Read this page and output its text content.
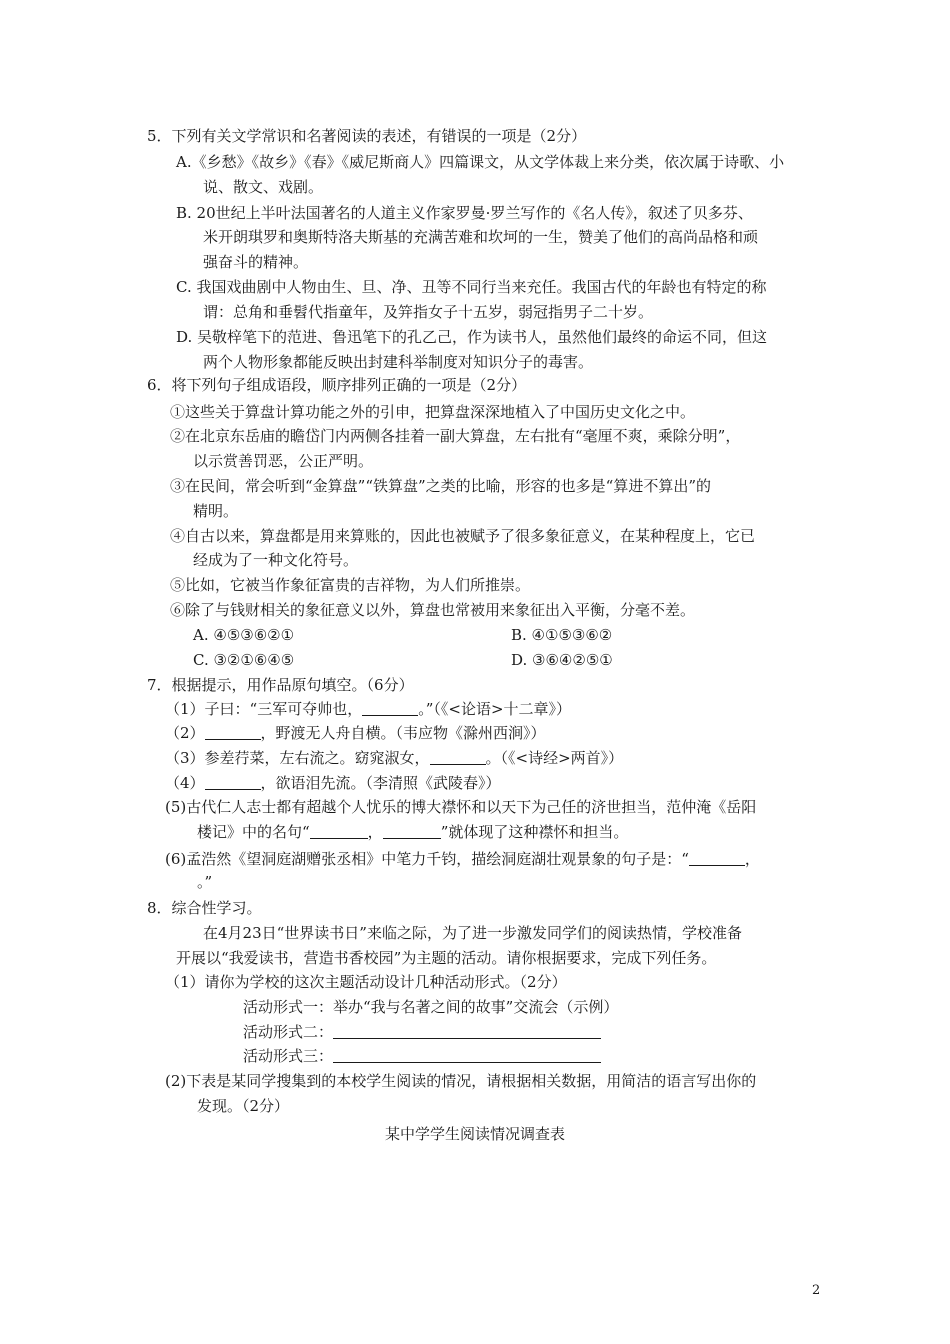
5．下列有关文学常识和名著阅读的表述，有错误的一项是（2分）
A.《乡愁》《故乡》《春》《威尼斯商人》四篇课文，从文学体裁上来分类，依次属于诗歌、小
说、散文、戏剧。
B. 20世纪上半叶法国著名的人道主义作家罗曼·罗兰写作的《名人传》，叙述了贝多芬、
米开朗琪罗和奥斯特洛夫斯基的充满苦难和坎坷的一生，赞美了他们的高尚品格和顽
强奋斗的精神。
C. 我国戏曲剧中人物由生、旦、净、丑等不同行当来充任。我国古代的年龄也有特定的称
谓：总角和垂髫代指童年，及笄指女子十五岁，弱冠指男子二十岁。
D. 吴敬梓笔下的范进、鲁迅笔下的孔乙己，作为读书人，虽然他们最终的命运不同，但这
两个人物形象都能反映出封建科举制度对知识分子的毒害。
6．将下列句子组成语段，顺序排列正确的一项是（2分）
①这些关于算盘计算功能之外的引申，把算盘深深地植入了中国历史文化之中。
②在北京东岳庙的瞻岱门内两侧各挂着一副大算盘，左右批有“毫厘不爽，乘除分明”，
以示赏善罚恶，公正严明。
③在民间，常会听到“金算盘”“铁算盘”之类的比喻，形容的也多是“算进不算出”的
精明。
④自古以来，算盘都是用来算账的，因此也被赋予了很多象征意义，在某种程度上，它已
经成为了一种文化符号。
⑤比如，它被当作象征富贵的吉祥物，为人们所推崇。
⑥除了与钱财相关的象征意义以外，算盘也常被用来象征出入平衡，分毫不差。
A. ④⑤③⑥②①	B. ④①⑤③⑥②
C. ③②①⑥④⑤	D. ③⑥④②⑤①
7．根据提示，用作品原句填空。（6分）
（1）子曰：“三军可夺帅也，	。”（《<论语>十二章》）
（2）	，野渡无人舟自横。（韦应物《滁州西涧》）
（3）参差荇菜，左右流之。窈窕淑女，	。（《<诗经>两首》）
（4）	，欲语泪先流。（李清照《武陵春》）
(5)古代仁人志士都有超越个人忧乐的博大襟怀和以天下为己任的济世担当，范仲淹《岳阳
楼记》中的名句“	，	”就体现了这种襟怀和担当。
(6)孟浩然《望洞庭湖赠张丞相》中笔力千钧，描绘洞庭湖壮观景象的句子是：“	，
。”
8．综合性学习。
在4月23日“世界读书日”来临之际，为了进一步激发同学们的阅读热情，学校准备
开展以“我爱读书，营造书香校园”为主题的活动。请你根据要求，完成下列任务。
（1）请你为学校的这次主题活动设计几种活动形式。（2分）
活动形式一：举办“我与名著之间的故事”交流会（示例）
活动形式二：
活动形式三：
(2)下表是某同学搜集到的本校学生阅读的情况，请根据相关数据，用简洁的语言写出你的
发现。（2分）
某中学学生阅读情况调查表
2
